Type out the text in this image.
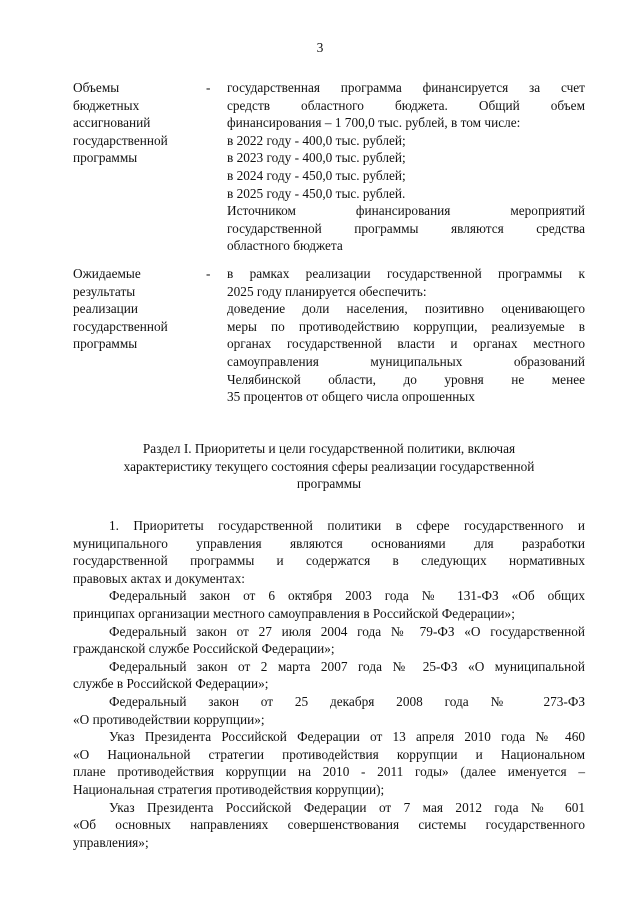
3
Объемы
бюджетных
ассигнований
государственной
программы
-	государственная программа финансируется за счет
средств областного бюджета. Общий объем
финансирования – 1 700,0 тыс. рублей, в том числе:
в 2022 году - 400,0 тыс. рублей;
в 2023 году - 400,0 тыс. рублей;
в 2024 году - 450,0 тыс. рублей;
в 2025 году - 450,0 тыс. рублей.
Источником финансирования мероприятий
государственной программы являются средства
областного бюджета
Ожидаемые
результаты
реализации
государственной
программы
-	в рамках реализации государственной программы к
2025 году планируется обеспечить:
доведение доли населения, позитивно оценивающего
меры по противодействию коррупции, реализуемые в
органах государственной власти и органах местного
самоуправления муниципальных образований
Челябинской области, до уровня не менее
35 процентов от общего числа опрошенных
Раздел I. Приоритеты и цели государственной политики, включая
характеристику текущего состояния сферы реализации государственной
программы
1. Приоритеты государственной политики в сфере государственного и
муниципального управления являются основаниями для разработки
государственной программы и содержатся в следующих нормативных
правовых актах и документах:
Федеральный закон от 6 октября 2003 года № 131-ФЗ «Об общих
принципах организации местного самоуправления в Российской Федерации»;
Федеральный закон от 27 июля 2004 года № 79-ФЗ «О государственной
гражданской службе Российской Федерации»;
Федеральный закон от 2 марта 2007 года № 25-ФЗ «О муниципальной
службе в Российской Федерации»;
Федеральный закон от 25 декабря 2008 года № 273-ФЗ
«О противодействии коррупции»;
Указ Президента Российской Федерации от 13 апреля 2010 года № 460
«О Национальной стратегии противодействия коррупции и Национальном
плане противодействия коррупции на 2010 - 2011 годы» (далее именуется –
Национальная стратегия противодействия коррупции);
Указ Президента Российской Федерации от 7 мая 2012 года № 601
«Об основных направлениях совершенствования системы государственного
управления»;
